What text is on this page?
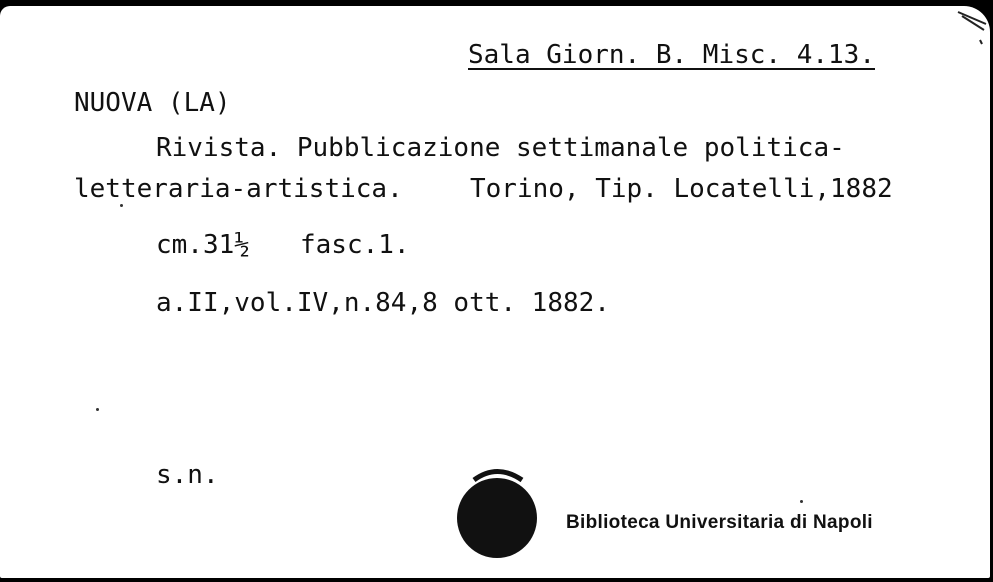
Sala Giorn. B. Misc. 4.13.
NUOVA (LA)
Rivista. Pubblicazione settimanale politica-
letteraria-artistica.	Torino, Tip. Locatelli,1882
cm.31½ fasc.1.
a.II,vol.IV,n.84,8 ott. 1882.
s.n.
Biblioteca Universitaria di Napoli
